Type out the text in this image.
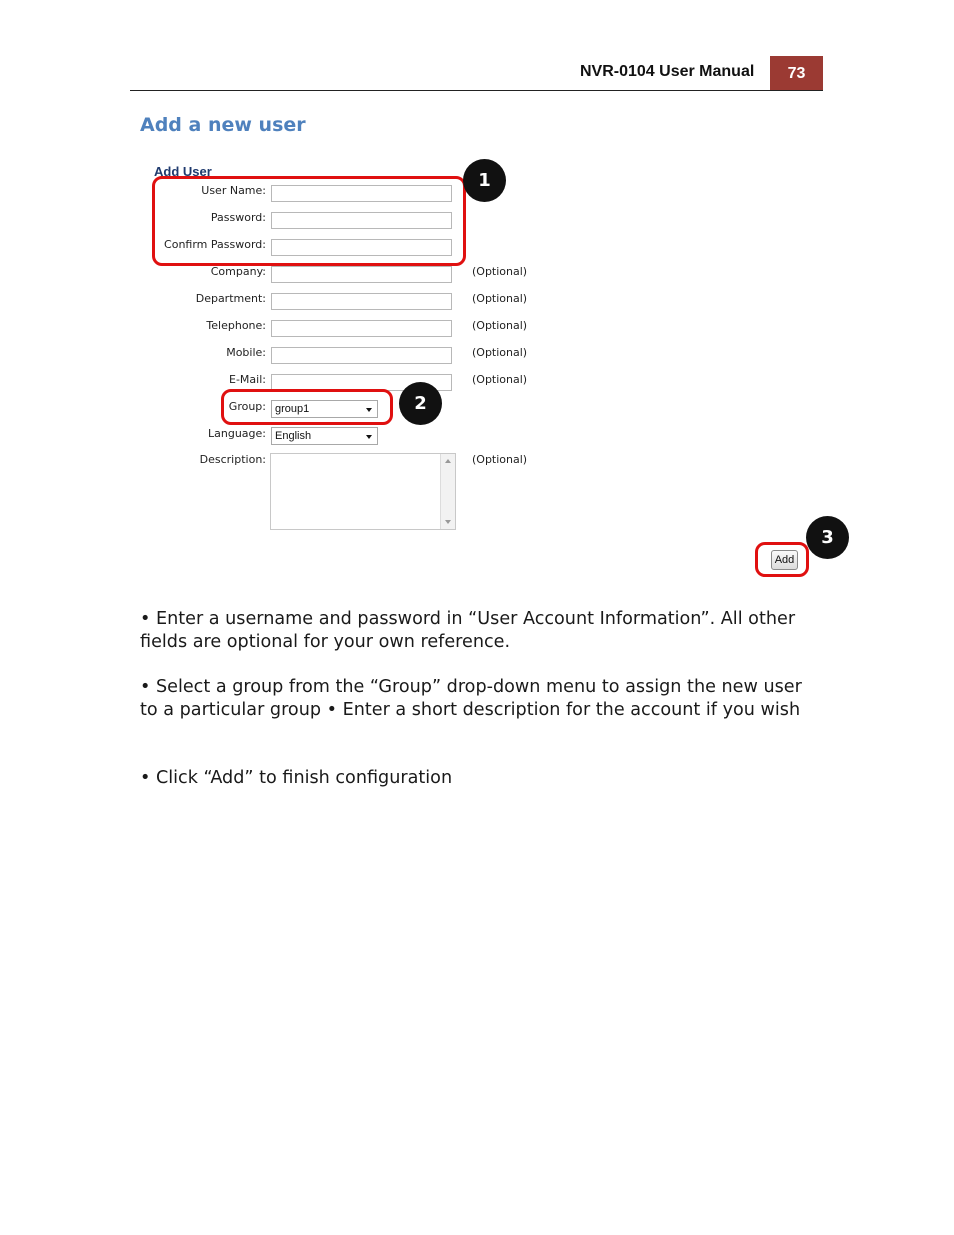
NVR-0104 User Manual	73
Add a new user
Add User
User Name:
Password:
Confirm Password:
Company:	(Optional)
Department:	(Optional)
Telephone:	(Optional)
Mobile:	(Optional)
E-Mail:	(Optional)
Group: group1
Language: English
Description:	(Optional)
Add
1
2
3

• Enter a username and password in “User Account Information”. All other fields are optional for your own reference.

• Select a group from the “Group” drop-down menu to assign the new user to a particular group • Enter a short description for the account if you wish

• Click “Add” to finish configuration
